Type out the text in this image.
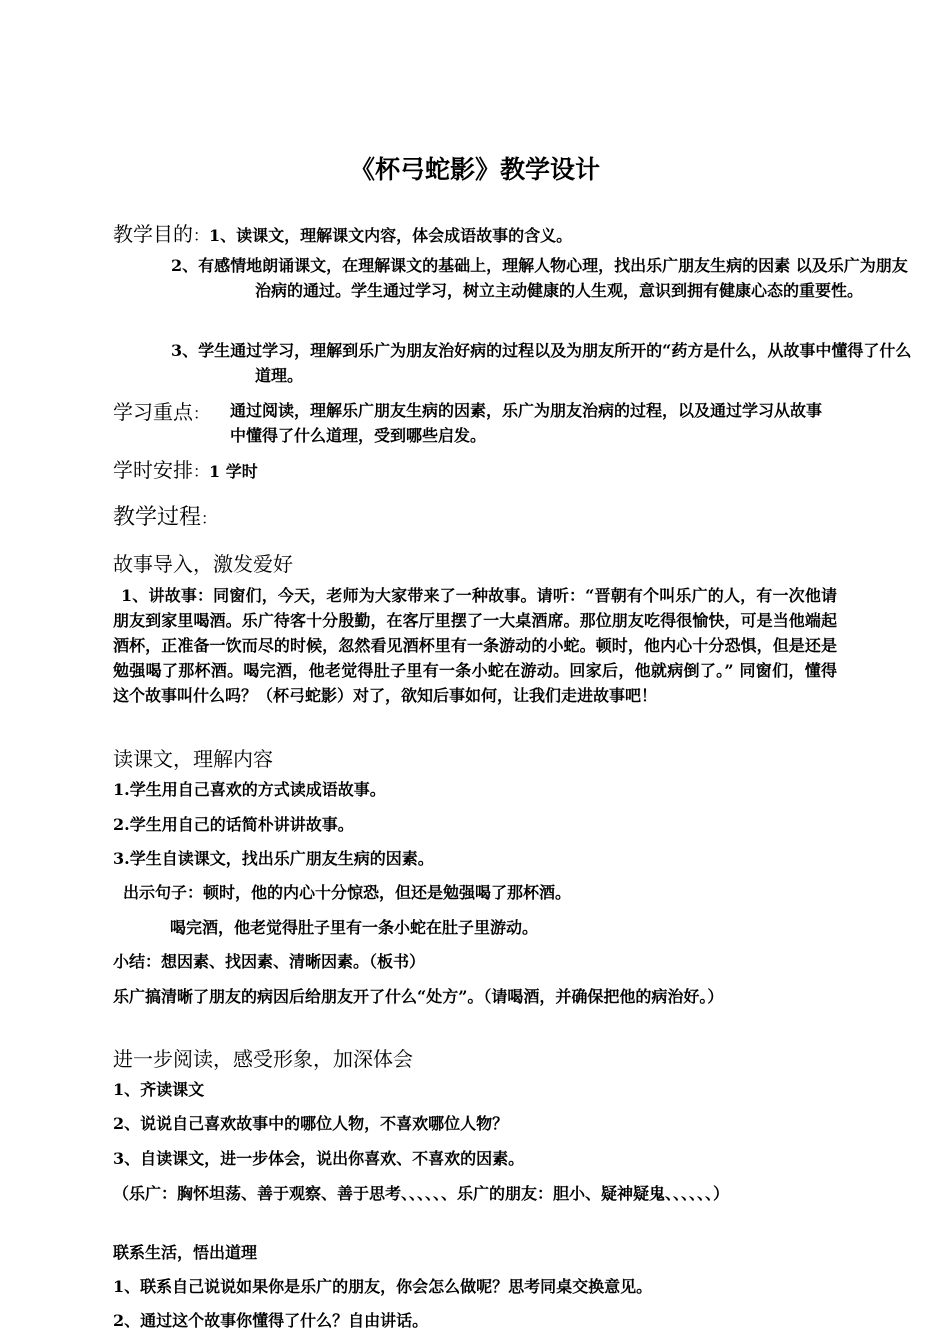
《杯弓蛇影》教学设计
教学目的：1、读课文，理解课文内容，体会成语故事的含义。
2、有感情地朗诵课文，在理解课文的基础上，理解人物心理，找出乐广朋友生病的因素 以及乐广为朋友治病的通过。学生通过学习，树立主动健康的人生观，意识到拥有健康心态的重要性。
3、学生通过学习，理解到乐广为朋友治好病的过程以及为朋友所开的“药方是什么，从故事中懂得了什么道理。
学习重点： 通过阅读，理解乐广朋友生病的因素，乐广为朋友治病的过程，以及通过学习从故事中懂得了什么道理，受到哪些启发。
学时安排：1 学时
教学过程：
故事导入，激发爱好
1、讲故事：同窗们，今天，老师为大家带来了一种故事。请听：“晋朝有个叫乐广的人，有一次他请朋友到家里喝酒。乐广待客十分殷勤，在客厅里摆了一大桌酒席。那位朋友吃得很愉快，可是当他端起酒杯，正准备一饮而尽的时候，忽然看见酒杯里有一条游动的小蛇。顿时，他内心十分恐惧，但是还是勉强喝了那杯酒。喝完酒，他老觉得肚子里有一条小蛇在游动。回家后，他就病倒了。” 同窗们，懂得这个故事叫什么吗？（杯弓蛇影）对了，欲知后事如何，让我们走进故事吧！
读课文，理解内容
1.学生用自己喜欢的方式读成语故事。
2.学生用自己的话简朴讲讲故事。
3.学生自读课文，找出乐广朋友生病的因素。
出示句子：顿时，他的内心十分惊恐，但还是勉强喝了那杯酒。
喝完酒，他老觉得肚子里有一条小蛇在肚子里游动。
小结：想因素、找因素、清晰因素。（板书）
乐广搞清晰了朋友的病因后给朋友开了什么“处方”。（请喝酒，并确保把他的病治好。）
进一步阅读，感受形象，加深体会
1、齐读课文
2、说说自己喜欢故事中的哪位人物，不喜欢哪位人物？
3、自读课文，进一步体会，说出你喜欢、不喜欢的因素。
（乐广：胸怀坦荡、善于观察、善于思考、、、、、、乐广的朋友：胆小、疑神疑鬼、、、、、、）
联系生活，悟出道理
1、联系自己说说如果你是乐广的朋友，你会怎么做呢？思考同桌交换意见。
2、通过这个故事你懂得了什么？自由讲话。
